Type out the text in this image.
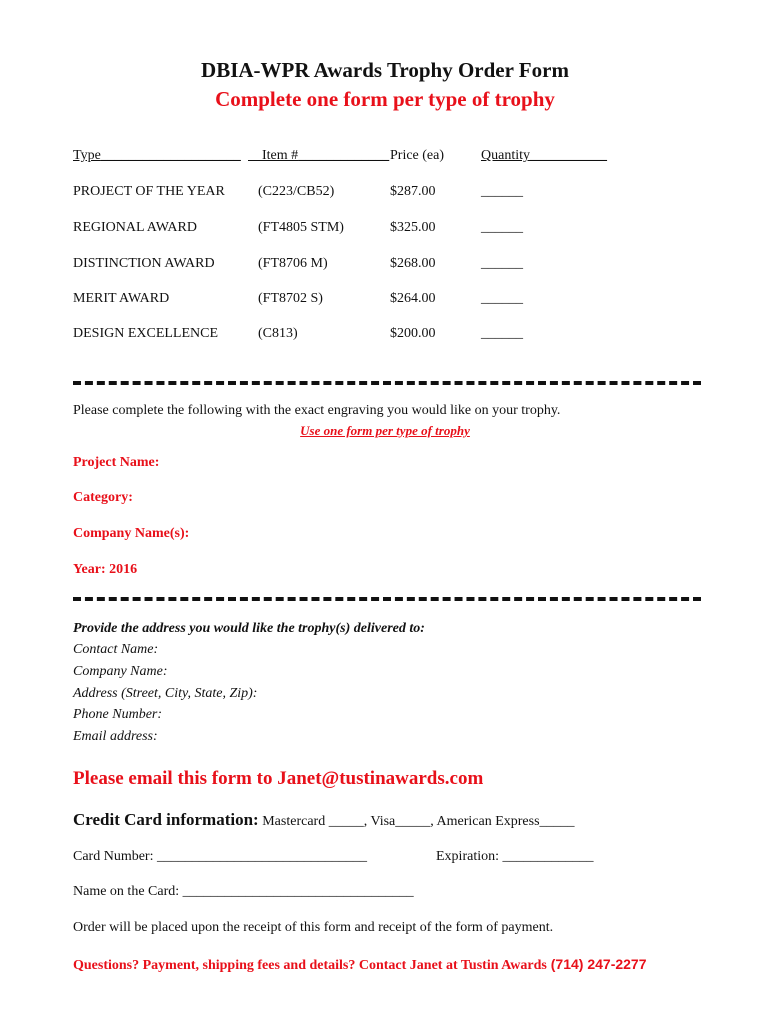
DBIA-WPR Awards Trophy Order Form
Complete one form per type of trophy
Type____________________	Item #_____________ Price (ea)	Quantity___________
PROJECT OF THE YEAR (C223/CB52)	$287.00	______
REGIONAL AWARD	(FT4805 STM)	$325.00	______
DISTINCTION AWARD	(FT8706 M)	$268.00	______
MERIT AWARD	(FT8702 S)	$264.00	______
DESIGN EXCELLENCE	(C813)	$200.00	______
Please complete the following with the exact engraving you would like on your trophy.
Use one form per type of trophy
Project Name:
Category:
Company Name(s):
Year: 2016
Provide the address you would like the trophy(s) delivered to:
Contact Name:
Company Name:
Address (Street, City, State, Zip):
Phone Number:
Email address:
Please email this form to Janet@tustinawards.com
Credit Card information: Mastercard _____, Visa_____, American Express_____
Card Number: ______________________________	Expiration: _____________
Name on the Card: _________________________________
Order will be placed upon the receipt of this form and receipt of the form of payment.
Questions? Payment, shipping fees and details? Contact Janet at Tustin Awards (714) 247-2277
